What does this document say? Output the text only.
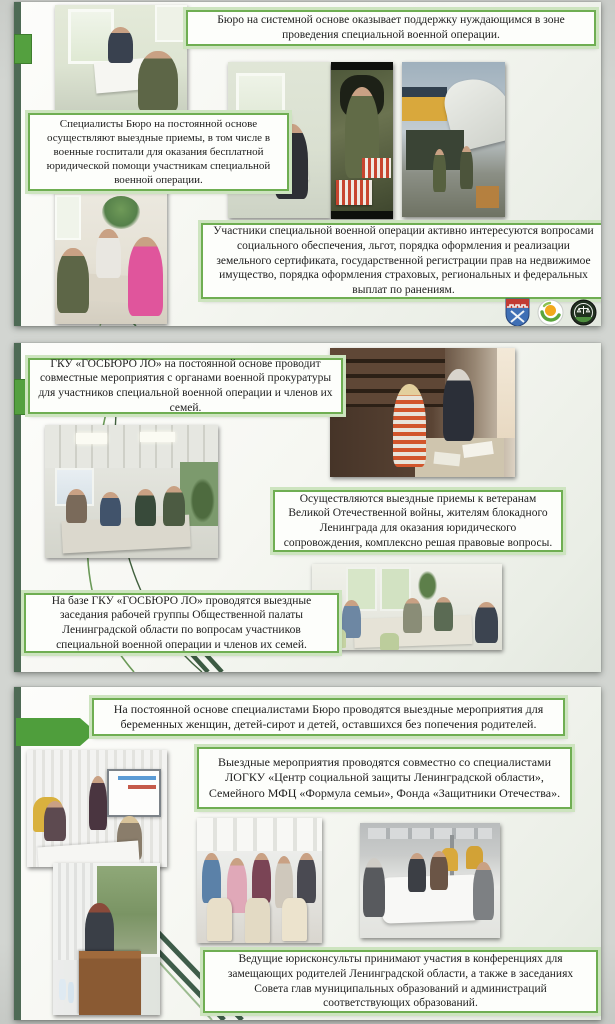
Бюро на системной основе оказывает поддержку нуждающимся в зоне проведения специальной военной операции.

Специалисты Бюро на постоянной основе осуществляют выездные приемы, в том числе в военные госпитали для оказания бесплатной юридической помощи участникам специальной военной операции.

Участники специальной военной операции активно интересуются вопросами социального обеспечения, льгот, порядка оформления и реализации земельного сертификата, государственной регистрации прав на недвижимое имущество, порядка оформления страховых, региональных и федеральных выплат по ранениям.

ГКУ «ГОСБЮРО ЛО» на постоянной основе проводит совместные мероприятия с органами военной прокуратуры для участников специальной военной операции и членов их семей.

Осуществляются выездные приемы к ветеранам Великой Отечественной войны, жителям блокадного Ленинграда для оказания юридического сопровождения, комплексно решая правовые вопросы.

На базе ГКУ «ГОСБЮРО ЛО» проводятся выездные заседания рабочей группы Общественной палаты Ленинградской области по вопросам участников специальной военной операции и членов их семей.

На постоянной основе специалистами Бюро проводятся выездные мероприятия для беременных женщин, детей-сирот и детей, оставшихся без попечения родителей.

Выездные мероприятия проводятся совместно со специалистами ЛОГКУ «Центр социальной защиты Ленинградской области», Семейного МФЦ «Формула семьи», Фонда «Защитники Отечества».

Ведущие юрисконсульты принимают участия в конференциях для замещающих родителей Ленинградской области, а также в заседаниях Совета глав муниципальных образований и администраций соответствующих образований.
